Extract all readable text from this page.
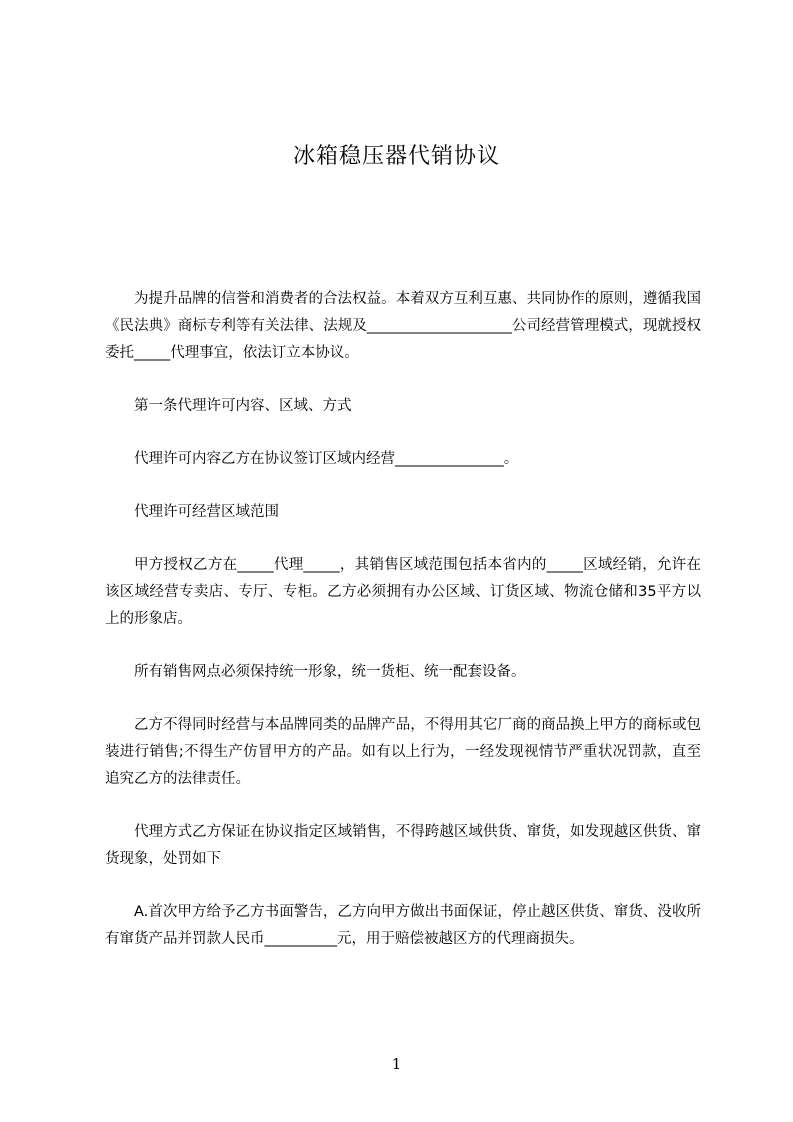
冰箱稳压器代销协议

为提升品牌的信誉和消费者的合法权益。本着双方互利互惠、共同协作的原则，遵循我国《民法典》商标专利等有关法律、法规及____________________公司经营管理模式，现就授权委托_____代理事宜，依法订立本协议。

第一条代理许可内容、区域、方式

代理许可内容乙方在协议签订区域内经营_______________。

代理许可经营区域范围

甲方授权乙方在_____代理_____，其销售区域范围包括本省内的_____区域经销，允许在该区域经营专卖店、专厅、专柜。乙方必须拥有办公区域、订货区域、物流仓储和35平方以上的形象店。

所有销售网点必须保持统一形象，统一货柜、统一配套设备。

乙方不得同时经营与本品牌同类的品牌产品，不得用其它厂商的商品换上甲方的商标或包装进行销售;不得生产仿冒甲方的产品。如有以上行为，一经发现视情节严重状况罚款，直至追究乙方的法律责任。

代理方式乙方保证在协议指定区域销售，不得跨越区域供货、窜货，如发现越区供货、窜货现象，处罚如下

A.首次甲方给予乙方书面警告，乙方向甲方做出书面保证，停止越区供货、窜货、没收所有窜货产品并罚款人民币__________元，用于赔偿被越区方的代理商损失。

1
